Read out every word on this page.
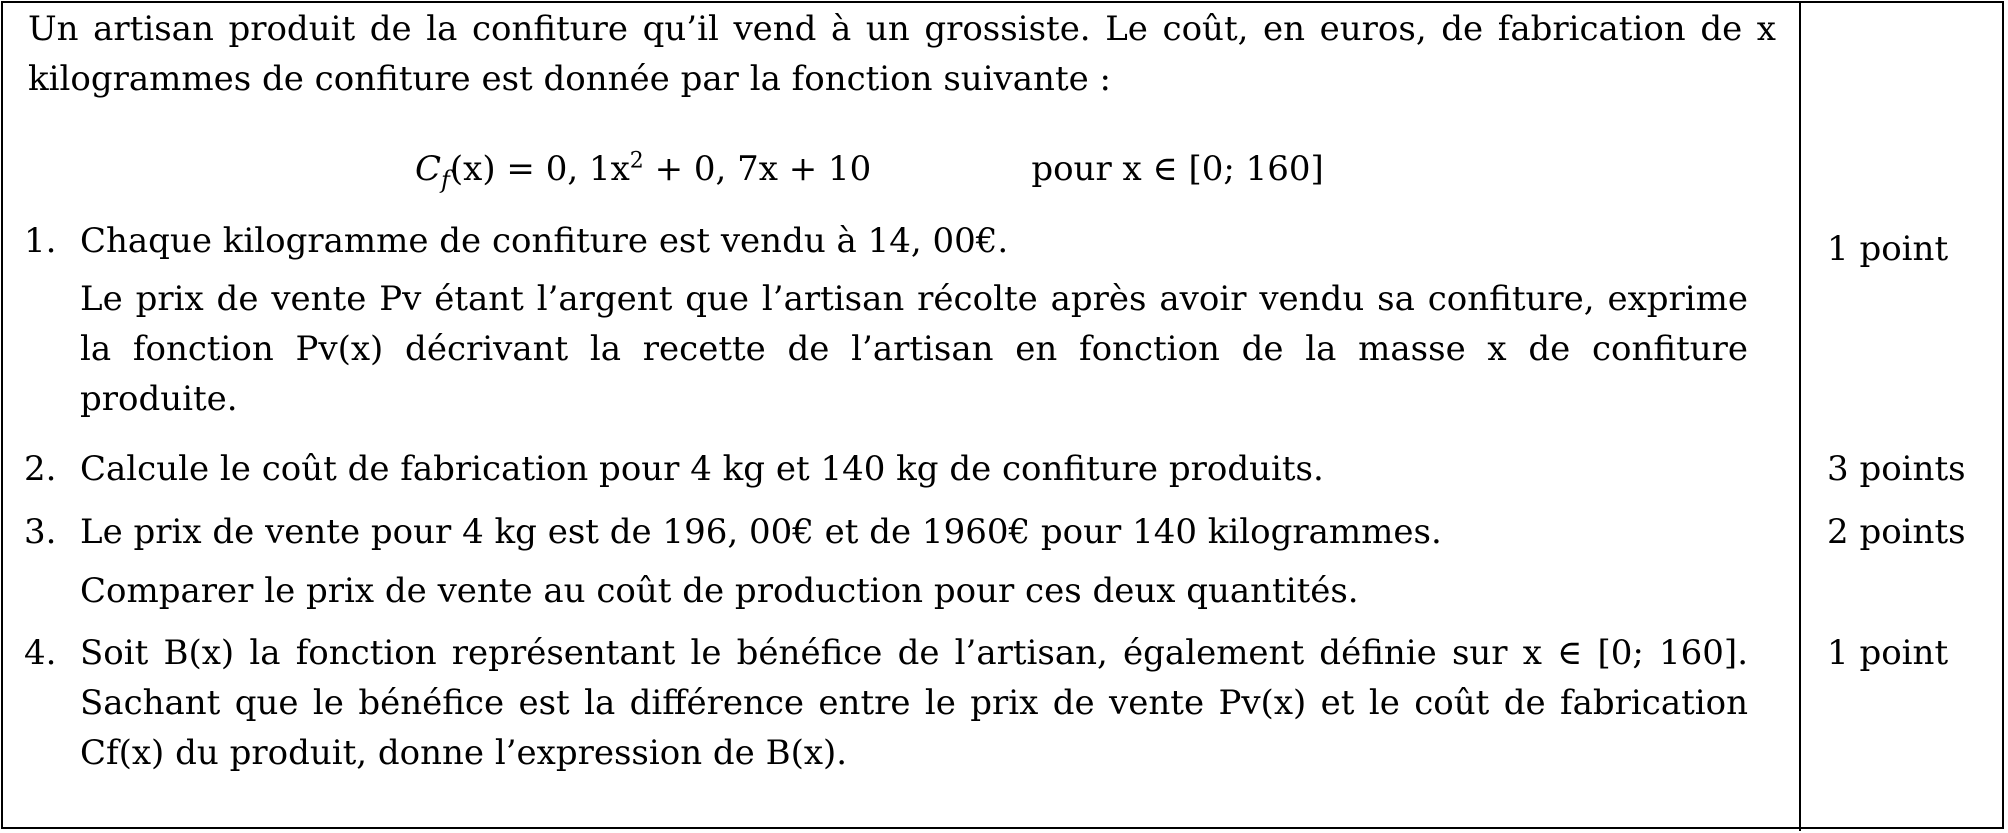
Un artisan produit de la confiture qu’il vend à un grossiste. Le coût, en euros, de fabrication de x kilogrammes de confiture est donnée par la fonction suivante :

$C_f(x) = 0$, $1x^2 + 0$, 7x + 10	pour x ∈ [0; 160]
1. Chaque kilogramme de confiture est vendu à 14, 00€.
Le prix de vente Pv étant l’argent que l’artisan récolte après avoir vendu sa confiture, exprime la fonction Pv(x) décrivant la recette de l’artisan en fonction de la masse x de confiture produite.
2. Calcule le coût de fabrication pour 4 kg et 140 kg de confiture produits.
3. Le prix de vente pour 4 kg est de 196, 00€ et de 1960€ pour 140 kilogrammes.
Comparer le prix de vente au coût de production pour ces deux quantités.
4. Soit B(x) la fonction représentant le bénéfice de l’artisan, également définie sur x ∈ [0; 160]. Sachant que le bénéfice est la différence entre le prix de vente Pv(x) et le coût de fabrication Cf(x) du produit, donne l’expression de B(x).
1 point
3 points
2 points
1 point
